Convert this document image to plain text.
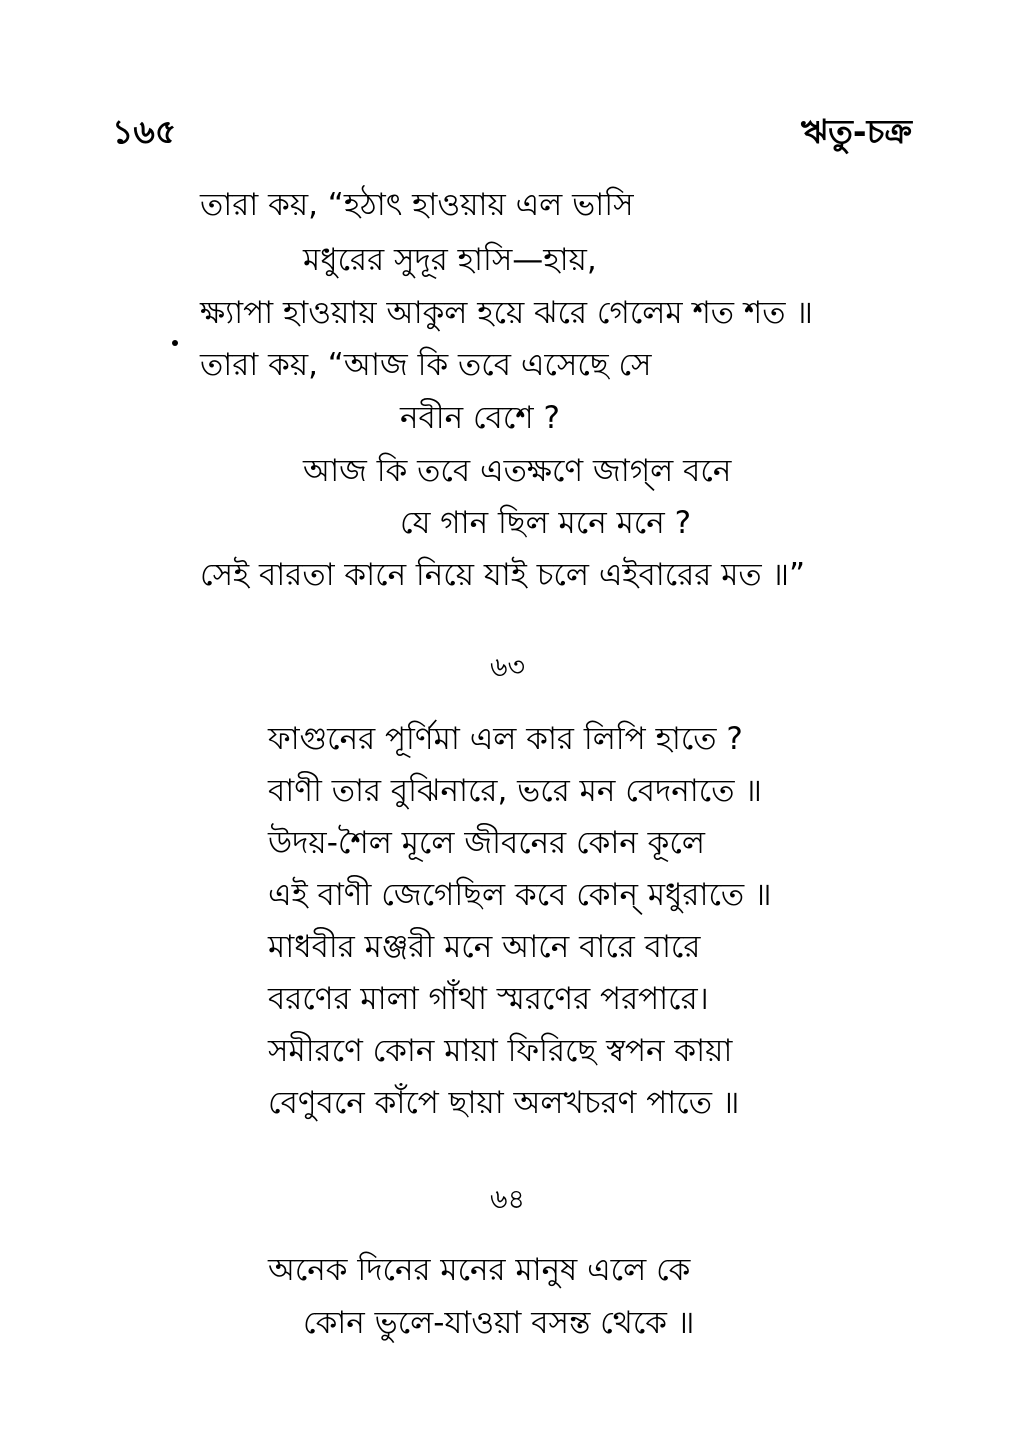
১৬৫	ঋতু-চক্র
তারা কয়, “হঠাৎ হাওয়ায় এল ভাসি
মধুরের সুদূর হাসি—হায়,
ক্ষ্যাপা হাওয়ায় আকুল হয়ে ঝরে গেলেম শত শত ॥
তারা কয়, “আজ কি তবে এসেছে সে
নবীন বেশে ?
আজ কি তবে এতক্ষণে জাগ্‌ল বনে
যে গান ছিল মনে মনে ?
সেই বারতা কানে নিয়ে যাই চলে এইবারের মত ॥”
৬৩
ফাগুনের পূর্ণিমা এল কার লিপি হাতে ?
বাণী তার বুঝিনারে, ভরে মন বেদনাতে ॥
উদয়-শৈল মূলে জীবনের কোন কূলে
এই বাণী জেগেছিল কবে কোন্‌ মধুরাতে ॥
মাধবীর মঞ্জরী মনে আনে বারে বারে
বরণের মালা গাঁথা স্মরণের পরপারে।
সমীরণে কোন মায়া ফিরিছে স্বপন কায়া
বেণুবনে কাঁপে ছায়া অলখচরণ পাতে ॥
৬৪
অনেক দিনের মনের মানুষ এলে কে
কোন ভুলে-যাওয়া বসন্ত থেকে ॥
